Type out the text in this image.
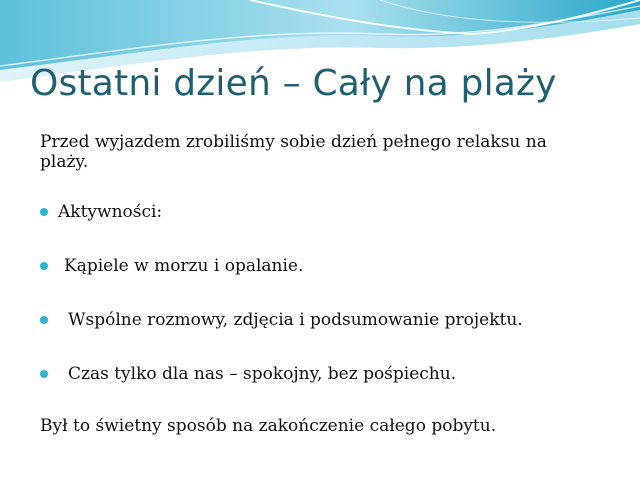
Ostatni dzień – Cały na plaży

Przed wyjazdem zrobiliśmy sobie dzień pełnego relaksu na plaży.

Aktywności:
Kąpiele w morzu i opalanie.
Wspólne rozmowy, zdjęcia i podsumowanie projektu.
Czas tylko dla nas – spokojny, bez pośpiechu.

Był to świetny sposób na zakończenie całego pobytu.
